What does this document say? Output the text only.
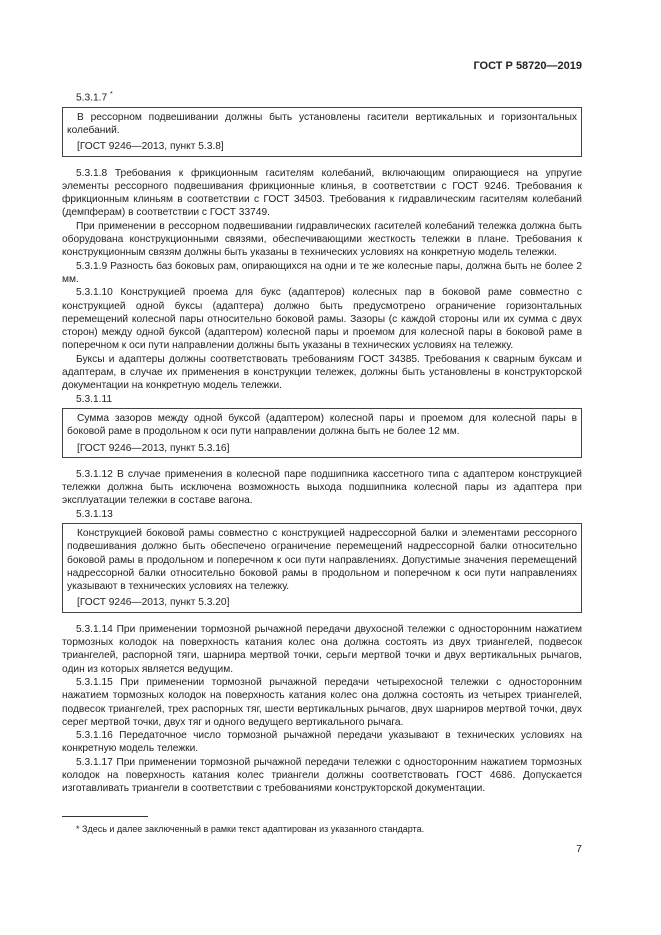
ГОСТ Р 58720—2019

5.3.1.7 *

В рессорном подвешивании должны быть установлены гасители вертикальных и горизонтальных колебаний.

[ГОСТ 9246—2013, пункт 5.3.8]

5.3.1.8 Требования к фрикционным гасителям колебаний, включающим опирающиеся на упругие элементы рессорного подвешивания фрикционные клинья, в соответствии с ГОСТ 9246. Требования к фрикционным клиньям в соответствии с ГОСТ 34503. Требования к гидравлическим гасителям колебаний (демпферам) в соответствии с ГОСТ 33749.

При применении в рессорном подвешивании гидравлических гасителей колебаний тележка должна быть оборудована конструкционными связями, обеспечивающими жесткость тележки в плане. Требования к конструкционным связям должны быть указаны в технических условиях на конкретную модель тележки.

5.3.1.9 Разность баз боковых рам, опирающихся на одни и те же колесные пары, должна быть не более 2 мм.

5.3.1.10 Конструкцией проема для букс (адаптеров) колесных пар в боковой раме совместно с конструкцией одной буксы (адаптера) должно быть предусмотрено ограничение горизонтальных перемещений колесной пары относительно боковой рамы. Зазоры (с каждой стороны или их сумма с двух сторон) между одной буксой (адаптером) колесной пары и проемом для колесной пары в боковой раме в поперечном к оси пути направлении должны быть указаны в технических условиях на тележку.

Буксы и адаптеры должны соответствовать требованиям ГОСТ 34385. Требования к сварным буксам и адаптерам, в случае их применения в конструкции тележек, должны быть установлены в конструкторской документации на конкретную модель тележки.

5.3.1.11

Сумма зазоров между одной буксой (адаптером) колесной пары и проемом для колесной пары в боковой раме в продольном к оси пути направлении должна быть не более 12 мм.

[ГОСТ 9246—2013, пункт 5.3.16]

5.3.1.12 В случае применения в колесной паре подшипника кассетного типа с адаптером конструкцией тележки должна быть исключена возможность выхода подшипника колесной пары из адаптера при эксплуатации тележки в составе вагона.

5.3.1.13

Конструкцией боковой рамы совместно с конструкцией надрессорной балки и элементами рессорного подвешивания должно быть обеспечено ограничение перемещений надрессорной балки относительно боковой рамы в продольном и поперечном к оси пути направлениях. Допустимые значения перемещений надрессорной балки относительно боковой рамы в продольном и поперечном к оси пути направлениях указывают в технических условиях на тележку.

[ГОСТ 9246—2013, пункт 5.3.20]

5.3.1.14 При применении тормозной рычажной передачи двухосной тележки с односторонним нажатием тормозных колодок на поверхность катания колес она должна состоять из двух триангелей, подвесок триангелей, распорной тяги, шарнира мертвой точки, серьги мертвой точки и двух вертикальных рычагов, один из которых является ведущим.

5.3.1.15 При применении тормозной рычажной передачи четырехосной тележки с односторонним нажатием тормозных колодок на поверхность катания колес она должна состоять из четырех триангелей, подвесок триангелей, трех распорных тяг, шести вертикальных рычагов, двух шарниров мертвой точки, двух серег мертвой точки, двух тяг и одного ведущего вертикального рычага.

5.3.1.16 Передаточное число тормозной рычажной передачи указывают в технических условиях на конкретную модель тележки.

5.3.1.17 При применении тормозной рычажной передачи тележки с односторонним нажатием тормозных колодок на поверхность катания колес триангели должны соответствовать ГОСТ 4686. Допускается изготавливать триангели в соответствии с требованиями конструкторской документации.

* Здесь и далее заключенный в рамки текст адаптирован из указанного стандарта.
7
